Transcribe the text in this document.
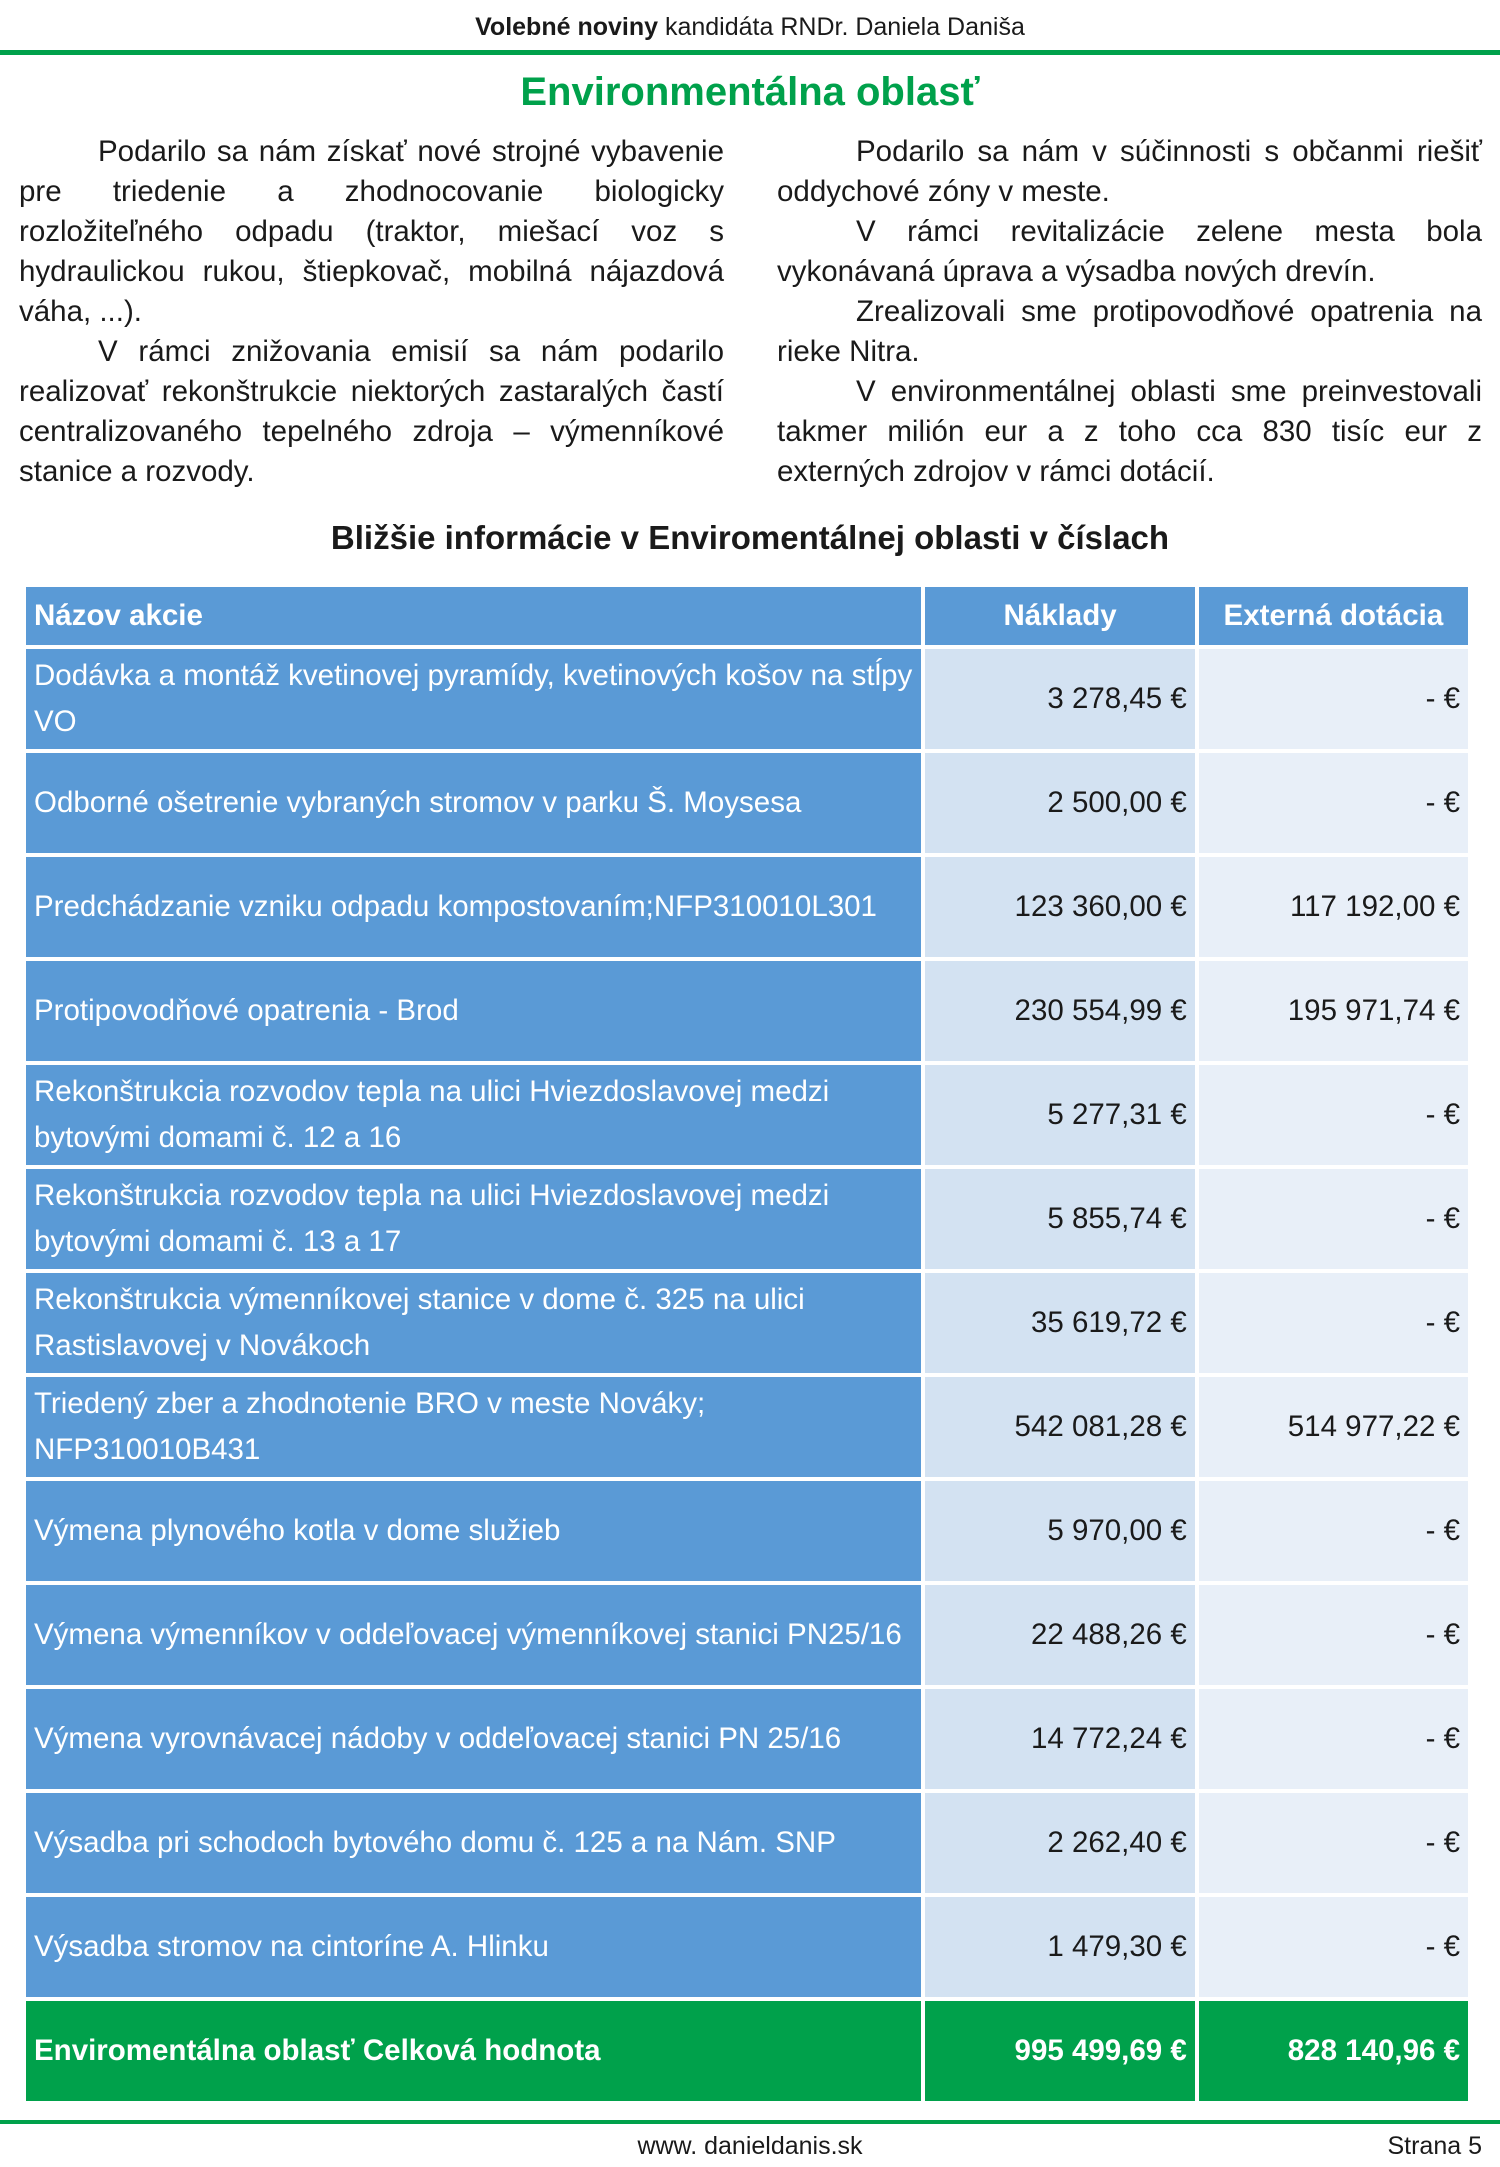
Volebné noviny kandidáta RNDr. Daniela Daniša
Environmentálna oblasť

Podarilo sa nám získať nové strojné vybavenie pre triedenie a zhodnocovanie biologicky rozložiteľného odpadu (traktor, miešací voz s hydraulickou rukou, štiepkovač, mobilná nájazdová váha, ...).

V rámci znižovania emisií sa nám podarilo realizovať rekonštrukcie niektorých zastaralých častí centralizovaného tepelného zdroja – výmenníkové stanice a rozvody.

Podarilo sa nám v súčinnosti s občanmi riešiť oddychové zóny v meste.

V rámci revitalizácie zelene mesta bola vykonávaná úprava a výsadba nových drevín.

Zrealizovali sme protipovodňové opatrenia na rieke Nitra.

V environmentálnej oblasti sme preinvestovali takmer milión eur a z toho cca 830 tisíc eur z externých zdrojov v rámci dotácií.

Bližšie informácie v Enviromentálnej oblasti v číslach
Názov akcie	Náklady	Externá dotácia
Dodávka a montáž kvetinovej pyramídy, kvetinových košov na stĺpy VO	3 278,45 €	- €
Odborné ošetrenie vybraných stromov v parku Š. Moysesa	2 500,00 €	- €
Predchádzanie vzniku odpadu kompostovaním;NFP310010L301	123 360,00 €	117 192,00 €
Protipovodňové opatrenia - Brod	230 554,99 €	195 971,74 €
Rekonštrukcia rozvodov tepla na ulici Hviezdoslavovej medzi bytovými domami č. 12 a 16	5 277,31 €	- €
Rekonštrukcia rozvodov tepla na ulici Hviezdoslavovej medzi bytovými domami č. 13 a 17	5 855,74 €	- €
Rekonštrukcia výmenníkovej stanice v dome č. 325 na ulici Rastislavovej v Novákoch	35 619,72 €	- €
Triedený zber a zhodnotenie BRO v meste Nováky; NFP310010B431	542 081,28 €	514 977,22 €
Výmena plynového kotla v dome služieb	5 970,00 €	- €
Výmena výmenníkov v oddeľovacej výmenníkovej stanici PN25/16	22 488,26 €	- €
Výmena vyrovnávacej nádoby v oddeľovacej stanici PN 25/16	14 772,24 €	- €
Výsadba pri schodoch bytového domu č. 125 a na Nám. SNP	2 262,40 €	- €
Výsadba stromov na cintoríne A. Hlinku	1 479,30 €	- €
Enviromentálna oblasť Celková hodnota	995 499,69 €	828 140,96 €
www. danieldanis.sk	Strana 5
